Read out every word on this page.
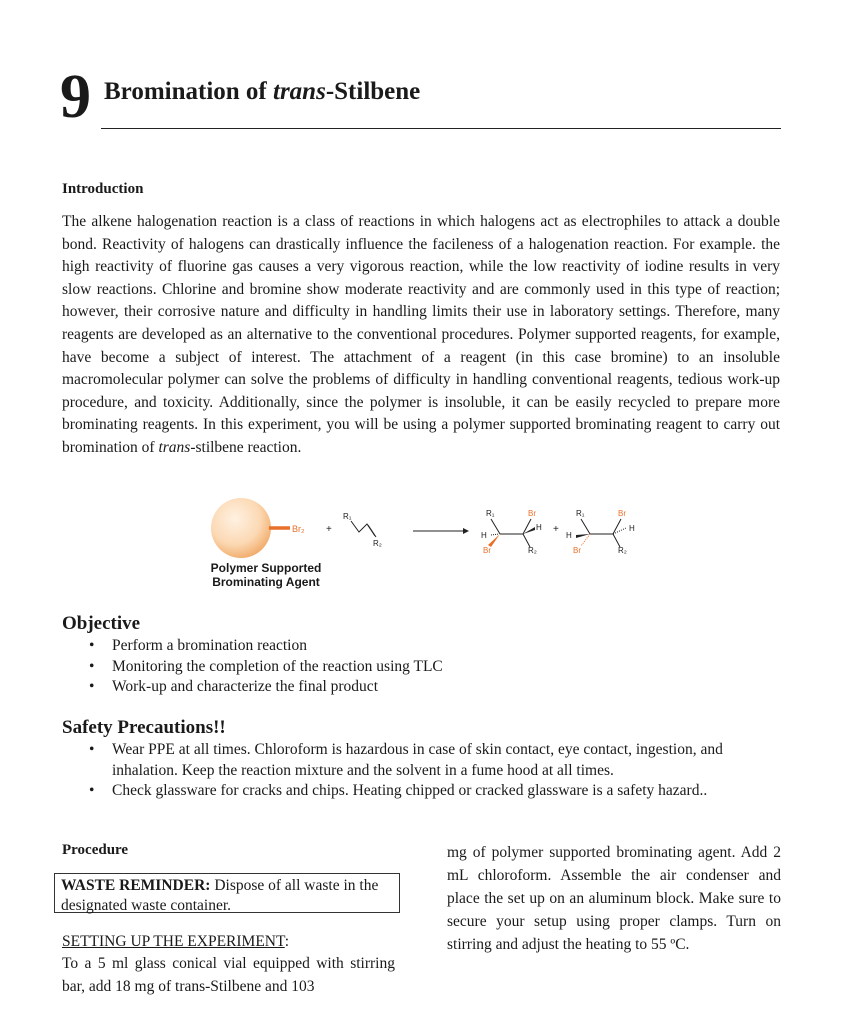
9 Bromination of trans-Stilbene
Introduction
The alkene halogenation reaction is a class of reactions in which halogens act as electrophiles to attack a double bond. Reactivity of halogens can drastically influence the facileness of a halogenation reaction. For example. the high reactivity of fluorine gas causes a very vigorous reaction, while the low reactivity of iodine results in very slow reactions. Chlorine and bromine show moderate reactivity and are commonly used in this type of reaction; however, their corrosive nature and difficulty in handling limits their use in laboratory settings. Therefore, many reagents are developed as an alternative to the conventional procedures. Polymer supported reagents, for example, have become a subject of interest. The attachment of a reagent (in this case bromine) to an insoluble macromolecular polymer can solve the problems of difficulty in handling conventional reagents, tedious work-up procedure, and toxicity. Additionally, since the polymer is insoluble, it can be easily recycled to prepare more brominating reagents. In this experiment, you will be using a polymer supported brominating reagent to carry out bromination of trans-stilbene reaction.
Br₂ +
R₁
R₂
R₁	Br
H
H
Br	R₂
+
R₁	Br
H
H
Br	R₂
Polymer Supported
Brominating Agent
Objective
• Perform a bromination reaction
• Monitoring the completion of the reaction using TLC
• Work-up and characterize the final product
Safety Precautions!!
• Wear PPE at all times. Chloroform is hazardous in case of skin contact, eye contact, ingestion, and inhalation. Keep the reaction mixture and the solvent in a fume hood at all times.
• Check glassware for cracks and chips. Heating chipped or cracked glassware is a safety hazard..
Procedure
WASTE REMINDER: Dispose of all waste in the designated waste container.
SETTING UP THE EXPERIMENT:
To a 5 ml glass conical vial equipped with stirring bar, add 18 mg of trans-Stilbene and 103
mg of polymer supported brominating agent. Add 2 mL chloroform. Assemble the air condenser and place the set up on an aluminum block. Make sure to secure your setup using proper clamps. Turn on stirring and adjust the heating to 55 ºC.
